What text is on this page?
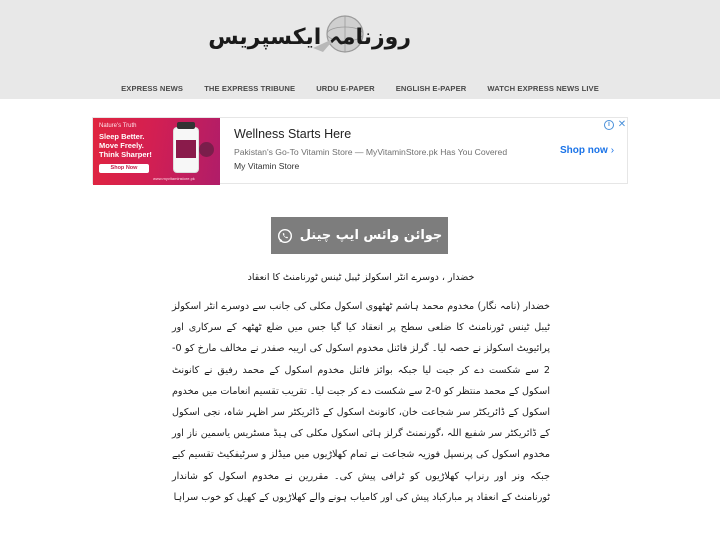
روزنامہ ایکسپریس
EXPRESS NEWS	THE EXPRESS TRIBUNE	URDU E-PAPER	ENGLISH E-PAPER	WATCH EXPRESS NEWS LIVE
Nature's Truth
Sleep Better. Move Freely. Think Sharper!
Shop Now
www.myvitaminstore.pk
Wellness Starts Here
Pakistan's Go-To Vitamin Store — MyVitaminStore.pk Has You Covered
My Vitamin Store
Shop now ›
i ✕
جوائن وائس ایپ چینل
خضدار ، دوسرے انٹر اسکولز ٹیبل ٹینس ٹورنامنٹ کا انعقاد
خضدار (نامہ نگار) مخدوم محمد ہاشم ٹھٹھوی اسکول مکلی کی جانب سے دوسرے انٹر اسکولز ٹیبل ٹینس ٹورنامنٹ کا ضلعی سطح پر انعقاد کیا گیا جس میں ضلع ٹھٹھہ کے سرکاری اور پرائیویٹ اسکولز نے حصہ لیا۔ گرلز فائنل مخدوم اسکول کی اریبہ صفدر نے مخالف مارخ کو 0-2 سے شکست دے کر جیت لیا جبکہ بوائز فائنل مخدوم اسکول کے محمد رفیق نے کانونٹ اسکول کے محمد منتظر کو 0-2 سے شکست دے کر جیت لیا۔ تقریب تقسیم انعامات میں مخدوم اسکول کے ڈائریکٹر سر شجاعت خان، کانونٹ اسکول کے ڈائریکٹر سر اظہر شاہ، نجی اسکول کے ڈائریکٹر سر شفیع اللہ ،گورنمنٹ گرلز ہائی اسکول مکلی کی ہیڈ مسٹریس یاسمین ناز اور مخدوم اسکول کی پرنسپل فوزیہ شجاعت نے تمام کھلاڑیوں میں میڈلز و سرٹیفکیٹ تقسیم کیے جبکہ ونر اور رنراپ کھلاڑیوں کو ٹرافی پیش کی۔ مقررین نے مخدوم اسکول کو شاندار ٹورنامنٹ کے انعقاد پر مبارکباد پیش کی اور کامیاب ہونے والے کھلاڑیوں کے کھیل کو خوب سراہا
